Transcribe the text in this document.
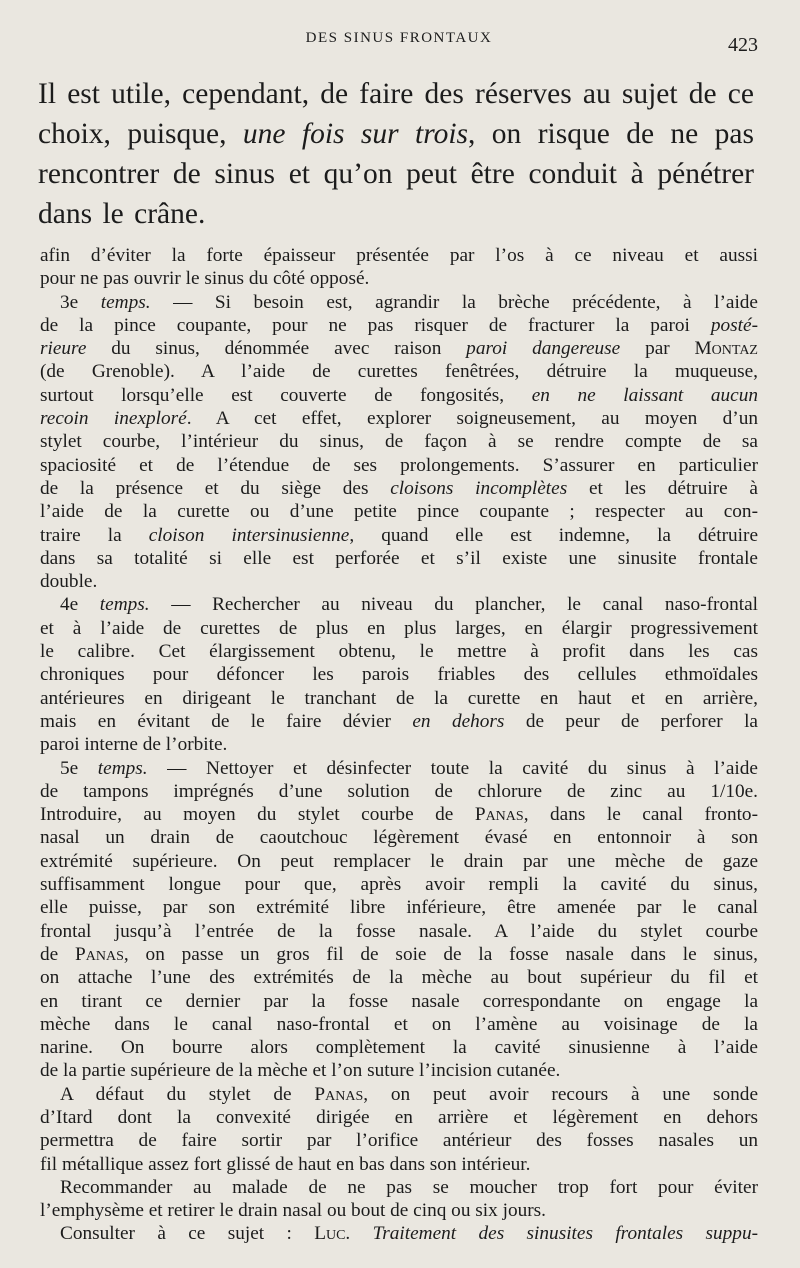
DES SINUS FRONTAUX	423
Il est utile, cependant, de faire des réserves au sujet de ce choix, puisque, une fois sur trois, on risque de ne pas rencontrer de sinus et qu’on peut être conduit à pénétrer dans le crâne.
afin d’éviter la forte épaisseur présentée par l’os à ce niveau et aussi
pour ne pas ouvrir le sinus du côté opposé.
3e temps. — Si besoin est, agrandir la brèche précédente, à l’aide
de la pince coupante, pour ne pas risquer de fracturer la paroi posté-
rieure du sinus, dénommée avec raison paroi dangereuse par Montaz
(de Grenoble). A l’aide de curettes fenêtrées, détruire la muqueuse,
surtout lorsqu’elle est couverte de fongosités, en ne laissant aucun
recoin inexploré. A cet effet, explorer soigneusement, au moyen d’un
stylet courbe, l’intérieur du sinus, de façon à se rendre compte de sa
spaciosité et de l’étendue de ses prolongements. S’assurer en particulier
de la présence et du siège des cloisons incomplètes et les détruire à
l’aide de la curette ou d’une petite pince coupante ; respecter au con-
traire la cloison intersinusienne, quand elle est indemne, la détruire
dans sa totalité si elle est perforée et s’il existe une sinusite frontale
double.
4e temps. — Rechercher au niveau du plancher, le canal naso-frontal
et à l’aide de curettes de plus en plus larges, en élargir progressivement
le calibre. Cet élargissement obtenu, le mettre à profit dans les cas
chroniques pour défoncer les parois friables des cellules ethmoïdales
antérieures en dirigeant le tranchant de la curette en haut et en arrière,
mais en évitant de le faire dévier en dehors de peur de perforer la
paroi interne de l’orbite.
5e temps. — Nettoyer et désinfecter toute la cavité du sinus à l’aide
de tampons imprégnés d’une solution de chlorure de zinc au 1/10e.
Introduire, au moyen du stylet courbe de Panas, dans le canal fronto-
nasal un drain de caoutchouc légèrement évasé en entonnoir à son
extrémité supérieure. On peut remplacer le drain par une mèche de gaze
suffisamment longue pour que, après avoir rempli la cavité du sinus,
elle puisse, par son extrémité libre inférieure, être amenée par le canal
frontal jusqu’à l’entrée de la fosse nasale. A l’aide du stylet courbe
de Panas, on passe un gros fil de soie de la fosse nasale dans le sinus,
on attache l’une des extrémités de la mèche au bout supérieur du fil et
en tirant ce dernier par la fosse nasale correspondante on engage la
mèche dans le canal naso-frontal et on l’amène au voisinage de la
narine. On bourre alors complètement la cavité sinusienne à l’aide
de la partie supérieure de la mèche et l’on suture l’incision cutanée.
A défaut du stylet de Panas, on peut avoir recours à une sonde
d’Itard dont la convexité dirigée en arrière et légèrement en dehors
permettra de faire sortir par l’orifice antérieur des fosses nasales un
fil métallique assez fort glissé de haut en bas dans son intérieur.
Recommander au malade de ne pas se moucher trop fort pour éviter
l’emphysème et retirer le drain nasal ou bout de cinq ou six jours.
Consulter à ce sujet : Luc. Traitement des sinusites frontales suppu-
